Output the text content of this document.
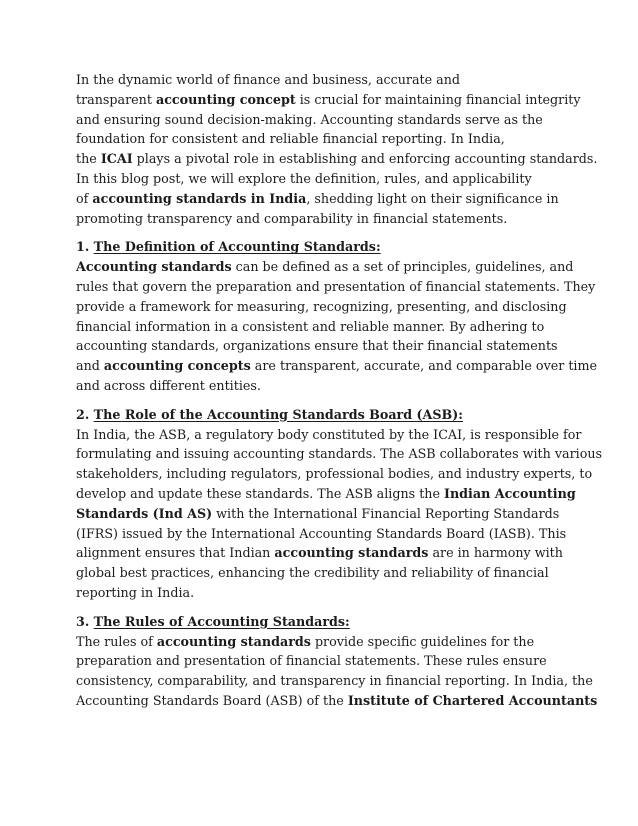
In the dynamic world of finance and business, accurate and
transparent accounting concept is crucial for maintaining financial integrity
and ensuring sound decision-making. Accounting standards serve as the
foundation for consistent and reliable financial reporting. In India,
the ICAI plays a pivotal role in establishing and enforcing accounting standards.
In this blog post, we will explore the definition, rules, and applicability
of accounting standards in India, shedding light on their significance in
promoting transparency and comparability in financial statements.
1. The Definition of Accounting Standards:
Accounting standards can be defined as a set of principles, guidelines, and
rules that govern the preparation and presentation of financial statements. They
provide a framework for measuring, recognizing, presenting, and disclosing
financial information in a consistent and reliable manner. By adhering to
accounting standards, organizations ensure that their financial statements
and accounting concepts are transparent, accurate, and comparable over time
and across different entities.
2. The Role of the Accounting Standards Board (ASB):
In India, the ASB, a regulatory body constituted by the ICAI, is responsible for
formulating and issuing accounting standards. The ASB collaborates with various
stakeholders, including regulators, professional bodies, and industry experts, to
develop and update these standards. The ASB aligns the Indian Accounting
Standards (Ind AS) with the International Financial Reporting Standards
(IFRS) issued by the International Accounting Standards Board (IASB). This
alignment ensures that Indian accounting standards are in harmony with
global best practices, enhancing the credibility and reliability of financial
reporting in India.
3. The Rules of Accounting Standards:
The rules of accounting standards provide specific guidelines for the
preparation and presentation of financial statements. These rules ensure
consistency, comparability, and transparency in financial reporting. In India, the
Accounting Standards Board (ASB) of the Institute of Chartered Accountants
